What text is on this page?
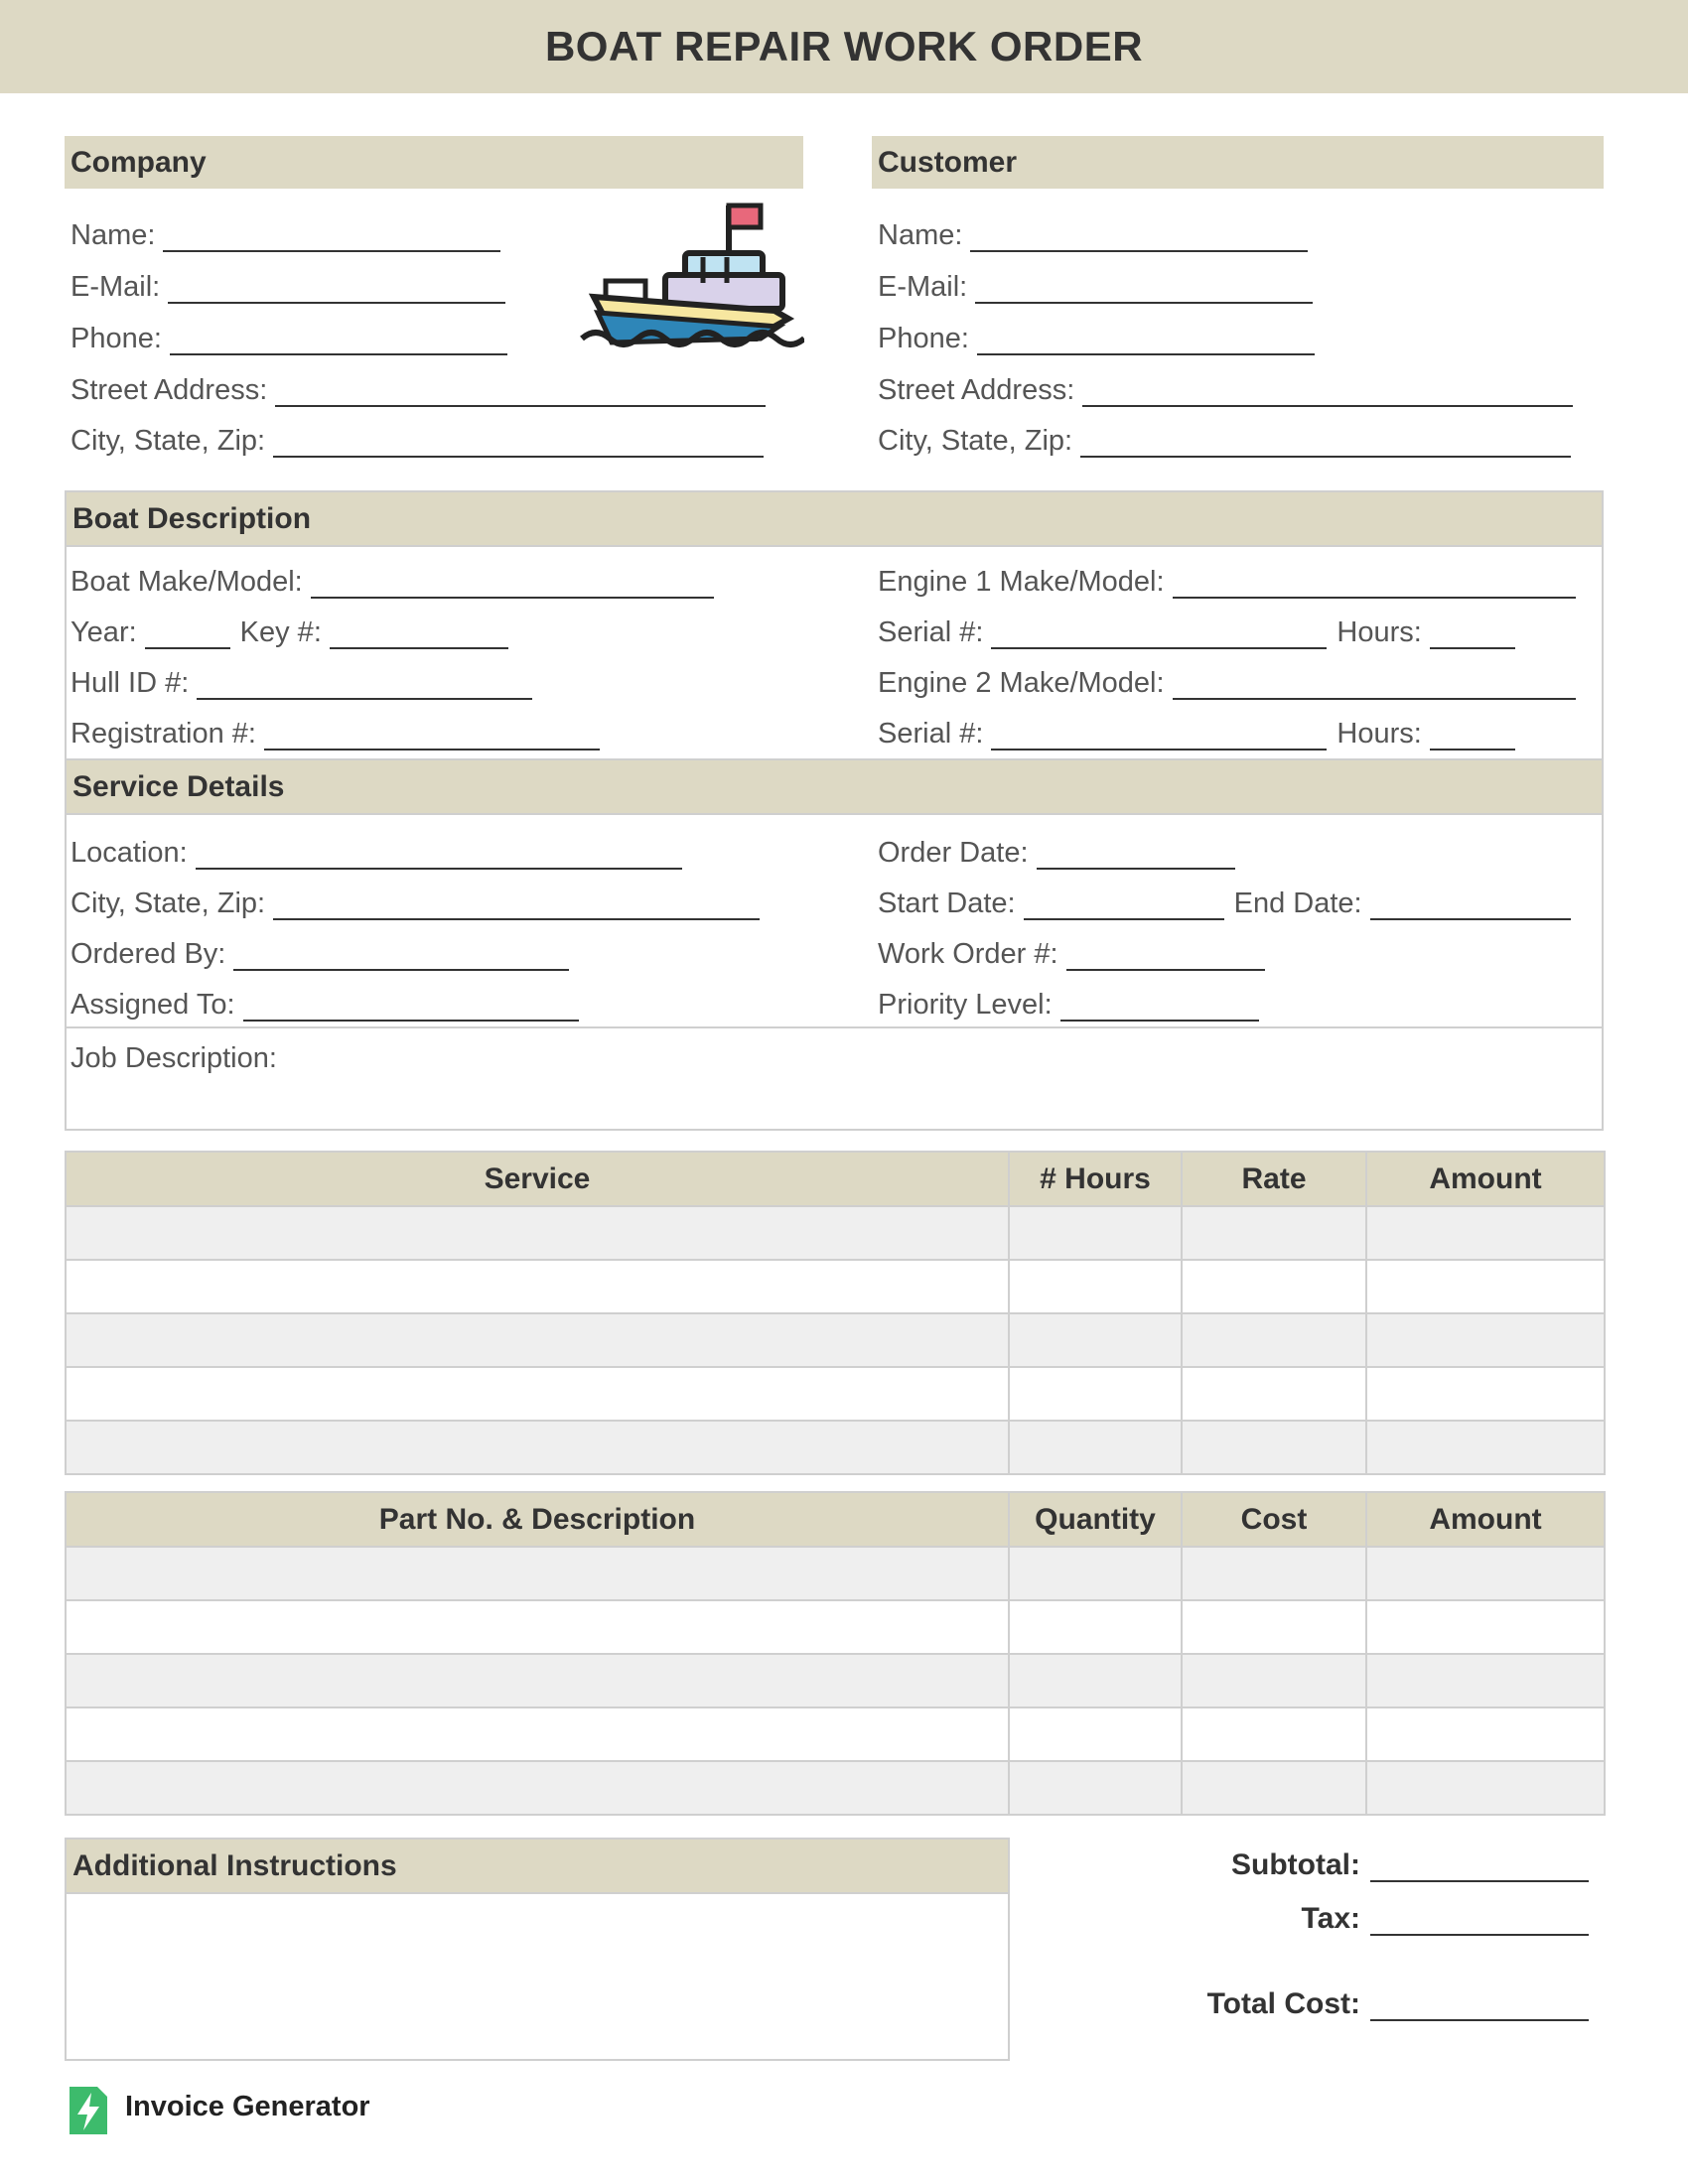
BOAT REPAIR WORK ORDER
Company
Name:
E-Mail:
Phone:
Street Address:
City, State, Zip:
Customer
Name:
E-Mail:
Phone:
Street Address:
City, State, Zip:
Boat Description
Boat Make/Model:
Year:	Key #:
Hull ID #:
Registration #:
Engine 1 Make/Model:
Serial #:	Hours:
Engine 2 Make/Model:
Serial #:	Hours:
Service Details
Location:
City, State, Zip:
Ordered By:
Assigned To:
Order Date:
Start Date:	End Date:
Work Order #:
Priority Level:
Job Description:
Service	# Hours	Rate	Amount

Part No. & Description	Quantity	Cost	Amount

Additional Instructions	Subtotal :
Tax :
Total Cost :
Invoice Generator
